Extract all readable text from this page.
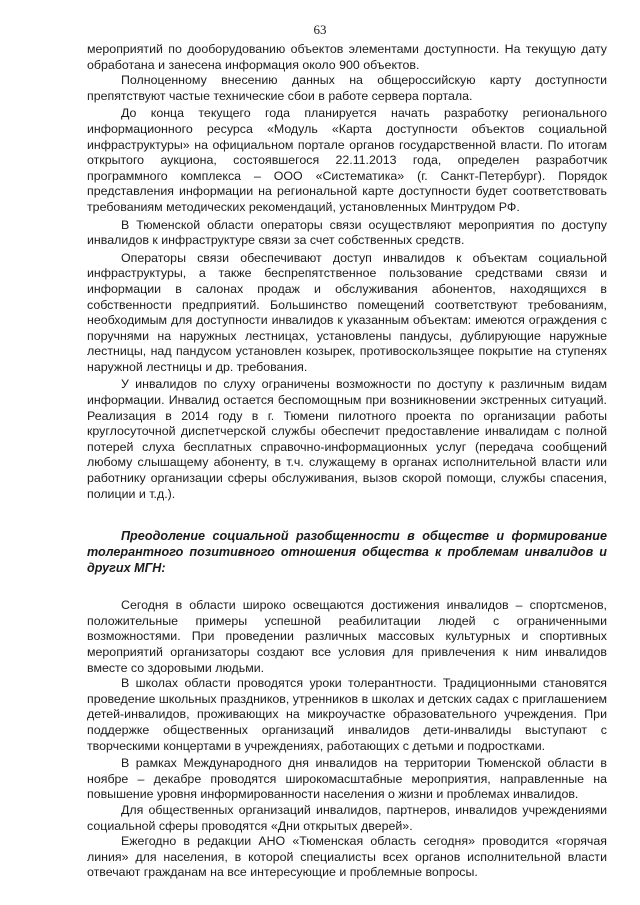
63

мероприятий по дооборудованию объектов элементами доступности. На текущую дату обработана и занесена информация около 900 объектов.

Полноценному внесению данных на общероссийскую карту доступности препятствуют частые технические сбои в работе сервера портала.

До конца текущего года планируется начать разработку регионального информационного ресурса «Модуль «Карта доступности объектов социальной инфраструктуры» на официальном портале органов государственной власти. По итогам открытого аукциона, состоявшегося 22.11.2013 года, определен разработчик программного комплекса – ООО «Систематика» (г. Санкт-Петербург). Порядок представления информации на региональной карте доступности будет соответствовать требованиям методических рекомендаций, установленных Минтрудом РФ.

В Тюменской области операторы связи осуществляют мероприятия по доступу инвалидов к инфраструктуре связи за счет собственных средств.

Операторы связи обеспечивают доступ инвалидов к объектам социальной инфраструктуры, а также беспрепятственное пользование средствами связи и информации в салонах продаж и обслуживания абонентов, находящихся в собственности предприятий. Большинство помещений соответствуют требованиям, необходимым для доступности инвалидов к указанным объектам: имеются ограждения с поручнями на наружных лестницах, установлены пандусы, дублирующие наружные лестницы, над пандусом установлен козырек, противоскользящее покрытие на ступенях наружной лестницы и др. требования.

У инвалидов по слуху ограничены возможности по доступу к различным видам информации. Инвалид остается беспомощным при возникновении экстренных ситуаций. Реализация в 2014 году в г. Тюмени пилотного проекта по организации работы круглосуточной диспетчерской службы обеспечит предоставление инвалидам с полной потерей слуха бесплатных справочно-информационных услуг (передача сообщений любому слышащему абоненту, в т.ч. служащему в органах исполнительной власти или работнику организации сферы обслуживания, вызов скорой помощи, службы спасения, полиции и т.д.).

Преодоление социальной разобщенности в обществе и формирование толерантного позитивного отношения общества к проблемам инвалидов и других МГН:

Сегодня в области широко освещаются достижения инвалидов – спортсменов, положительные примеры успешной реабилитации людей с ограниченными возможностями. При проведении различных массовых культурных и спортивных мероприятий организаторы создают все условия для привлечения к ним инвалидов вместе со здоровыми людьми.

В школах области проводятся уроки толерантности. Традиционными становятся проведение школьных праздников, утренников в школах и детских садах с приглашением детей-инвалидов, проживающих на микроучастке образовательного учреждения. При поддержке общественных организаций инвалидов дети-инвалиды выступают с творческими концертами в учреждениях, работающих с детьми и подростками.

В рамках Международного дня инвалидов на территории Тюменской области в ноябре – декабре проводятся широкомасштабные мероприятия, направленные на повышение уровня информированности населения о жизни и проблемах инвалидов.

Для общественных организаций инвалидов, партнеров, инвалидов учреждениями социальной сферы проводятся «Дни открытых дверей».

Ежегодно в редакции АНО «Тюменская область сегодня» проводится «горячая линия» для населения, в которой специалисты всех органов исполнительной власти отвечают гражданам на все интересующие и проблемные вопросы.
